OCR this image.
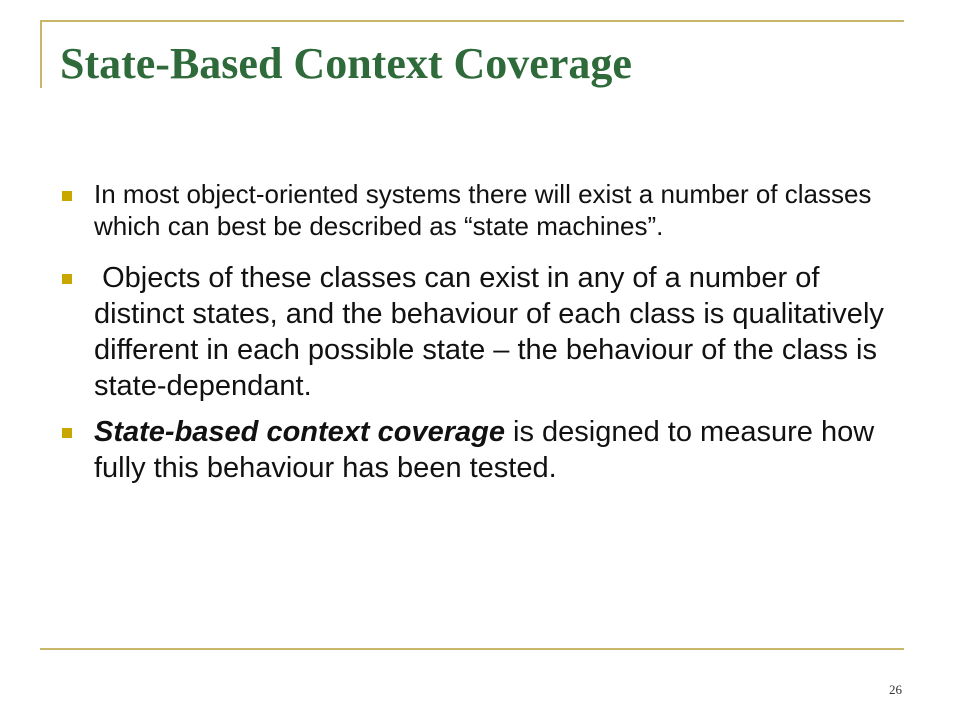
State-Based Context Coverage
In most object-oriented systems there will exist a number of classes which can best be described as “state machines”.
Objects of these classes can exist in any of a number of distinct states, and the behaviour of each class is qualitatively different in each possible state – the behaviour of the class is state-dependant.
State-based context coverage is designed to measure how fully this behaviour has been tested.
26
